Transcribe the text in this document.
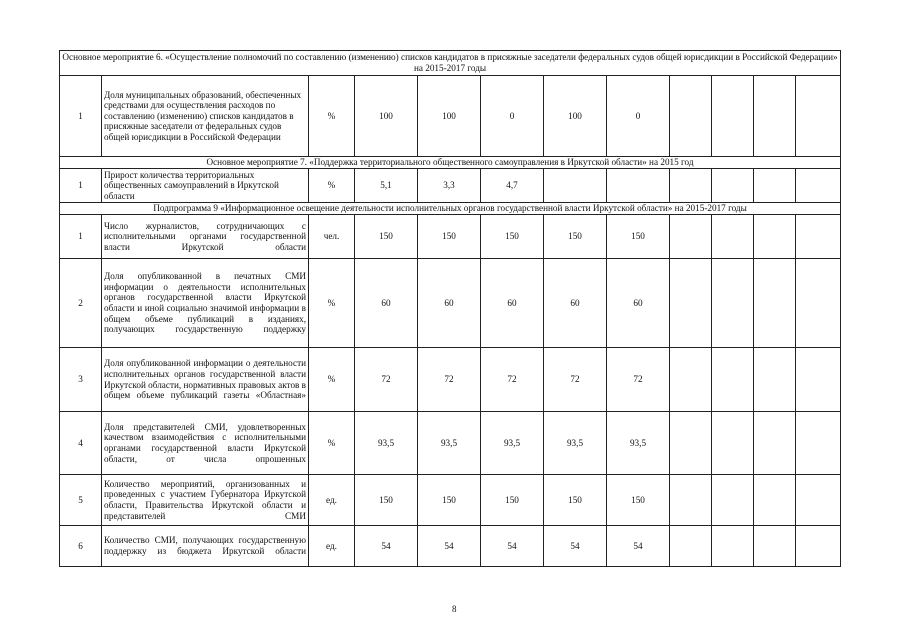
Основное мероприятие 6. «Осуществление полномочий по составлению (изменению) списков кандидатов в присяжные заседатели федеральных судов общей юрисдикции в Российской Федерации» на 2015-2017 годы											
1	Доля муниципальных образований, обеспеченных средствами для осуществления расходов по составлению (изменению) списков кандидатов в присяжные заседатели от федеральных судов общей юрисдикции в Российской Федерации	%	100	100	0	100	0				
Основное мероприятие 7. «Поддержка территориального общественного самоуправления в Иркутской области» на 2015 год											
1	Прирост количества территориальных общественных самоуправлений в Иркутской области	%	5,1	3,3	4,7						
Подпрограмма 9 «Информационное освещение деятельности исполнительных органов государственной власти Иркутской области» на 2015-2017 годы											
1	Число журналистов, сотрудничающих с исполнительными органами государственной власти Иркутской области	чел.	150	150	150	150	150				
2	Доля опубликованной в печатных СМИ информации о деятельности исполнительных органов государственной власти Иркутской области и иной социально значимой информации в общем объеме публикаций в изданиях, получающих государственную поддержку	%	60	60	60	60	60				
3	Доля опубликованной информации о деятельности исполнительных органов государственной власти Иркутской области, нормативных правовых актов в общем объеме публикаций газеты «Областная»	%	72	72	72	72	72				
4	Доля представителей СМИ, удовлетворенных качеством взаимодействия с исполнительными органами государственной власти Иркутской области, от числа опрошенных	%	93,5	93,5	93,5	93,5	93,5				
5	Количество мероприятий, организованных и проведенных с участием Губернатора Иркутской области, Правительства Иркутской области и представителей СМИ	ед.	150	150	150	150	150				
6	Количество СМИ, получающих государственную поддержку из бюджета Иркутской области	ед.	54	54	54	54	54				
8
